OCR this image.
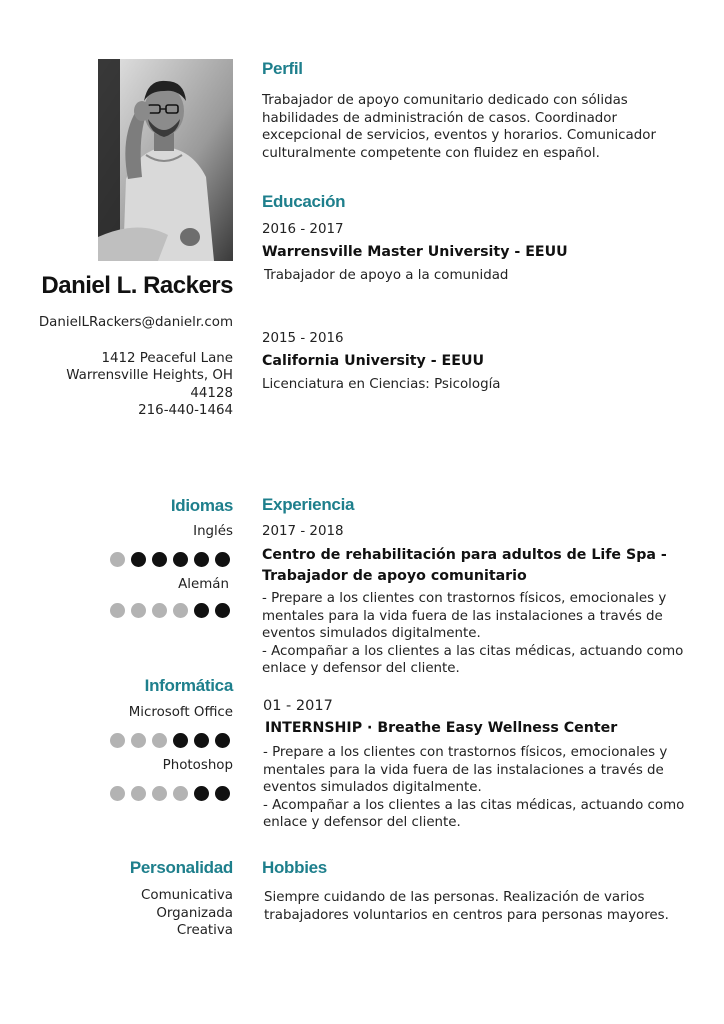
Daniel L. Rackers
DanielLRackers@danielr.com
1412 Peaceful Lane
Warrensville Heights, OH 44128
216-440-1464
Perfil
Trabajador de apoyo comunitario dedicado con sólidas
habilidades de administración de casos. Coordinador
excepcional de servicios, eventos y horarios. Comunicador
culturalmente competente con fluidez en español.
Educación
2016 - 2017
Warrensville Master University - EEUU
Trabajador de apoyo a la comunidad
2015 - 2016
California University - EEUU
Licenciatura en Ciencias: Psicología
Idiomas
Inglés
Alemán
Informática
Microsoft Office
Photoshop
Experiencia
2017 - 2018
Centro de rehabilitación para adultos de Life Spa -
Trabajador de apoyo comunitario
- Prepare a los clientes con trastornos físicos, emocionales y
mentales para la vida fuera de las instalaciones a través de
eventos simulados digitalmente.
- Acompañar a los clientes a las citas médicas, actuando como
enlace y defensor del cliente.
01 - 2017
INTERNSHIP · Breathe Easy Wellness Center
- Prepare a los clientes con trastornos físicos, emocionales y
mentales para la vida fuera de las instalaciones a través de
eventos simulados digitalmente.
- Acompañar a los clientes a las citas médicas, actuando como
enlace y defensor del cliente.
Personalidad
Comunicativa
Organizada
Creativa
Hobbies
Siempre cuidando de las personas. Realización de varios
trabajadores voluntarios en centros para personas mayores.
